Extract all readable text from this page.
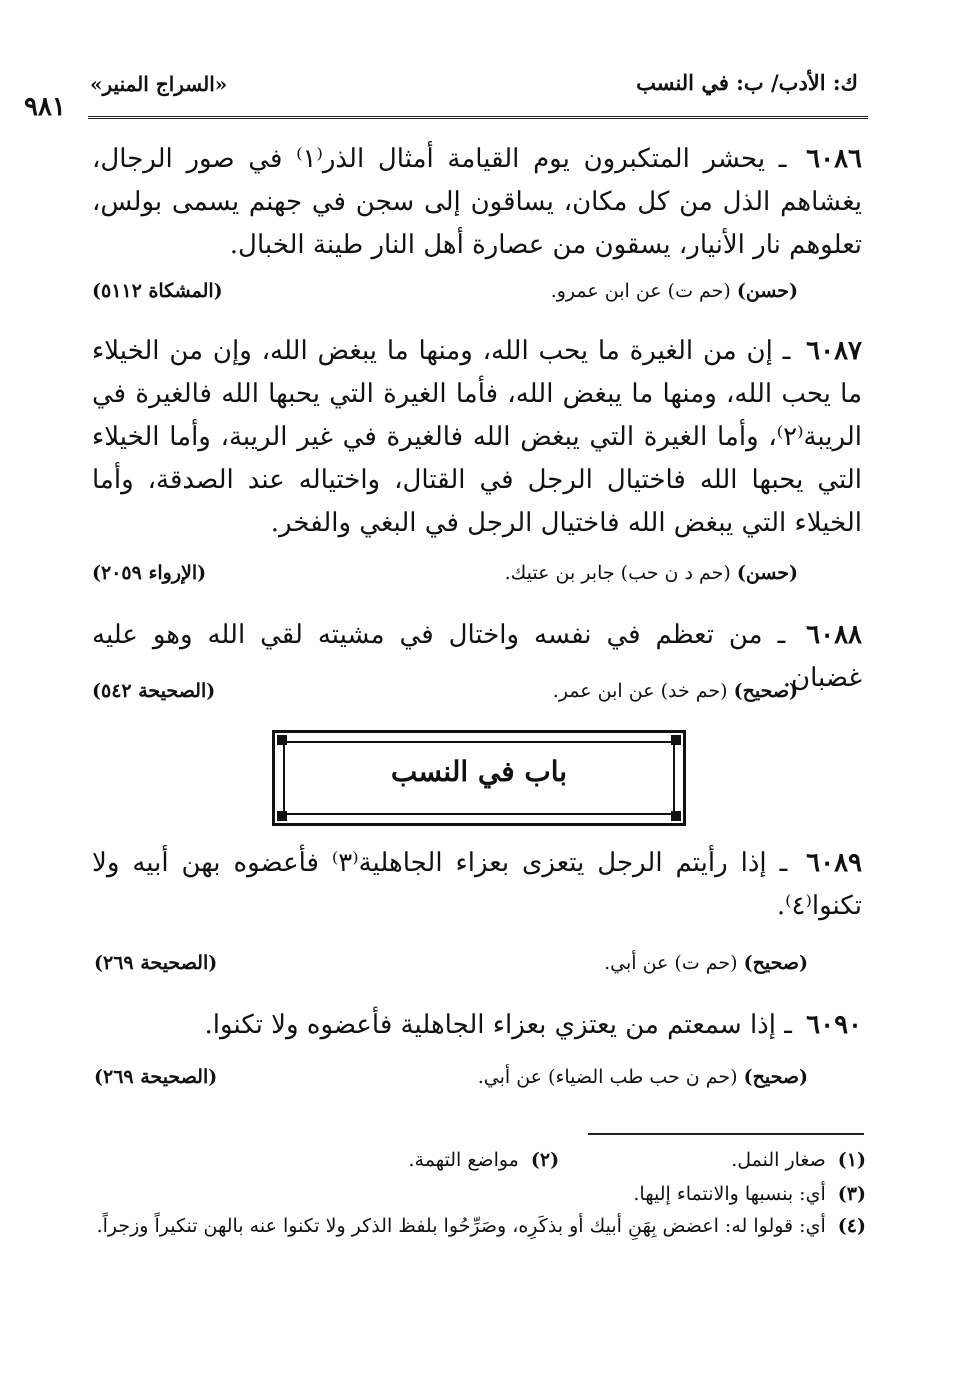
ك: الأدب/ ب: في النسب
«السراج المنير»
٩٨١
٦٠٨٦ ـ يحشر المتكبرون يوم القيامة أمثال الذر⁽١⁾ في صور الرجال، يغشاهم الذل من كل مكان، يساقون إلى سجن في جهنم يسمى بولس، تعلوهم نار الأنيار، يسقون من عصارة أهل النار طينة الخبال.
(حسن) (حم ت) عن ابن عمرو.
(المشكاة ٥١١٢)
٦٠٨٧ ـ إن من الغيرة ما يحب الله، ومنها ما يبغض الله، وإن من الخيلاء ما يحب الله، ومنها ما يبغض الله، فأما الغيرة التي يحبها الله فالغيرة في الريبة⁽٢⁾، وأما الغيرة التي يبغض الله فالغيرة في غير الريبة، وأما الخيلاء التي يحبها الله فاختيال الرجل في القتال، واختياله عند الصدقة، وأما الخيلاء التي يبغض الله فاختيال الرجل في البغي والفخر.
(حسن) (حم د ن حب) جابر بن عتيك.
(الإرواء ٢٠٥٩)
٦٠٨٨ ـ من تعظم في نفسه واختال في مشيته لقي الله وهو عليه غضبان.
(صحيح) (حم خد) عن ابن عمر.
(الصحيحة ٥٤٢)
باب في النسب
٦٠٨٩ ـ إذا رأيتم الرجل يتعزى بعزاء الجاهلية⁽٣⁾ فأعضوه بهن أبيه ولا تكنوا⁽٤⁾.
(صحيح) (حم ت) عن أبي.
(الصحيحة ٢٦٩)
٦٠٩٠ ـ إذا سمعتم من يعتزي بعزاء الجاهلية فأعضوه ولا تكنوا.
(صحيح) (حم ن حب طب الضياء) عن أبي.
(الصحيحة ٢٦٩)
(١) صغار النمل.  (٢) مواضع التهمة.
(٣) أي: بنسبها والانتماء إليها.
(٤) أي: قولوا له: اعضض بِهَنِ أبيك أو بذكَرِه، وصَرِّحُوا بلفظ الذكر ولا تكنوا عنه بالهن تنكيراً وزجراً.
